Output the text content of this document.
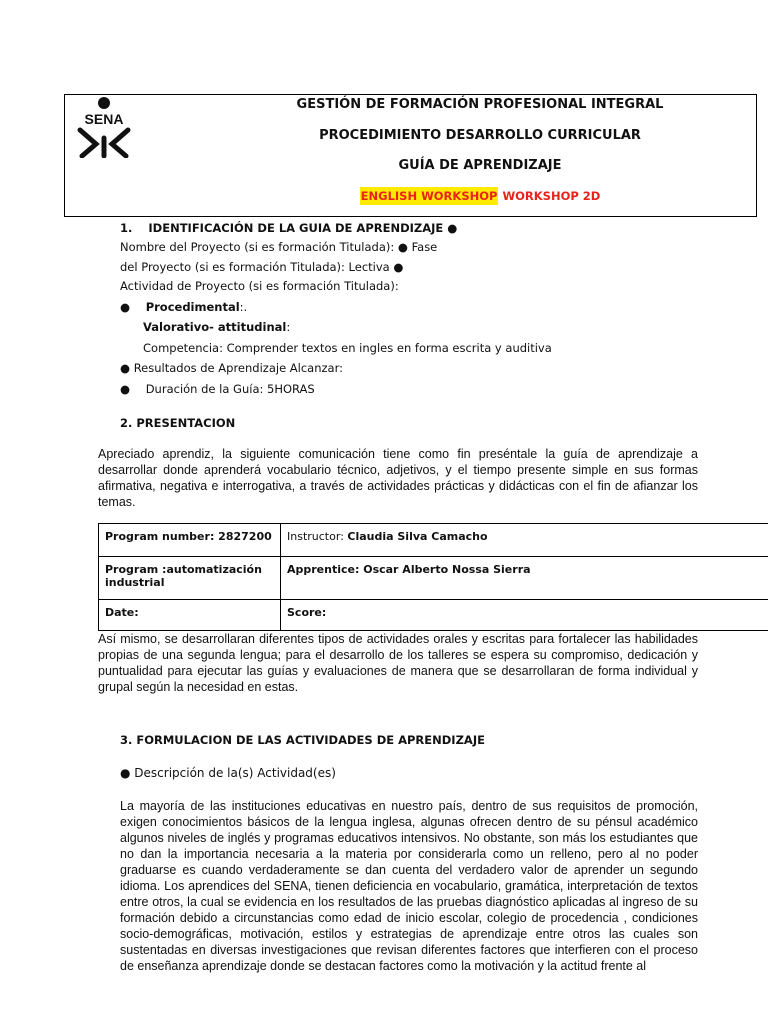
SENA
GESTIÓN DE FORMACIÓN PROFESIONAL INTEGRAL
PROCEDIMIENTO DESARROLLO CURRICULAR
GUÍA DE APRENDIZAJE
ENGLISH WORKSHOP WORKSHOP 2D
1.    IDENTIFICACIÓN DE LA GUIA DE APRENDIZAJE ●
Nombre del Proyecto (si es formación Titulada): ● Fase
del Proyecto (si es formación Titulada): Lectiva ●
Actividad de Proyecto (si es formación Titulada):
● Procedimental:.
Valorativo- attitudinal:
Competencia: Comprender textos en ingles en forma escrita y auditiva
● Resultados de Aprendizaje Alcanzar:
● Duración de la Guía: 5HORAS
2. PRESENTACION
Apreciado aprendiz, la siguiente comunicación tiene como fin preséntale la guía de aprendizaje a desarrollar donde aprenderá vocabulario técnico, adjetivos, y el tiempo presente simple en sus formas afirmativa, negativa e interrogativa, a través de actividades prácticas y didácticas con el fin de afianzar los temas.
Program number: 2827200	Instructor: Claudia Silva Camacho
Program :automatización industrial	Apprentice: Oscar Alberto Nossa Sierra
Date:	Score:
Así mismo, se desarrollaran diferentes tipos de actividades orales y escritas para fortalecer las habilidades propias de una segunda lengua; para el desarrollo de los talleres se espera su compromiso, dedicación y puntualidad para ejecutar las guías y evaluaciones de manera que se desarrollaran de forma individual y grupal según la necesidad en estas.
3. FORMULACION DE LAS ACTIVIDADES DE APRENDIZAJE
● Descripción de la(s) Actividad(es)
La mayoría de las instituciones educativas en nuestro país, dentro de sus requisitos de promoción, exigen conocimientos básicos de la lengua inglesa, algunas ofrecen dentro de su pénsul académico algunos niveles de inglés y programas educativos intensivos. No obstante, son más los estudiantes que no dan la importancia necesaria a la materia por considerarla como un relleno, pero al no poder graduarse es cuando verdaderamente se dan cuenta del verdadero valor de aprender un segundo idioma. Los aprendices del SENA, tienen deficiencia en vocabulario, gramática, interpretación de textos entre otros, la cual se evidencia en los resultados de las pruebas diagnóstico aplicadas al ingreso de su formación debido a circunstancias como edad de inicio escolar, colegio de procedencia , condiciones socio-demográficas, motivación, estilos y estrategias de aprendizaje entre otros las cuales son sustentadas en diversas investigaciones que revisan diferentes factores que interfieren con el proceso de enseñanza aprendizaje donde se destacan factores como la motivación y la actitud frente al
